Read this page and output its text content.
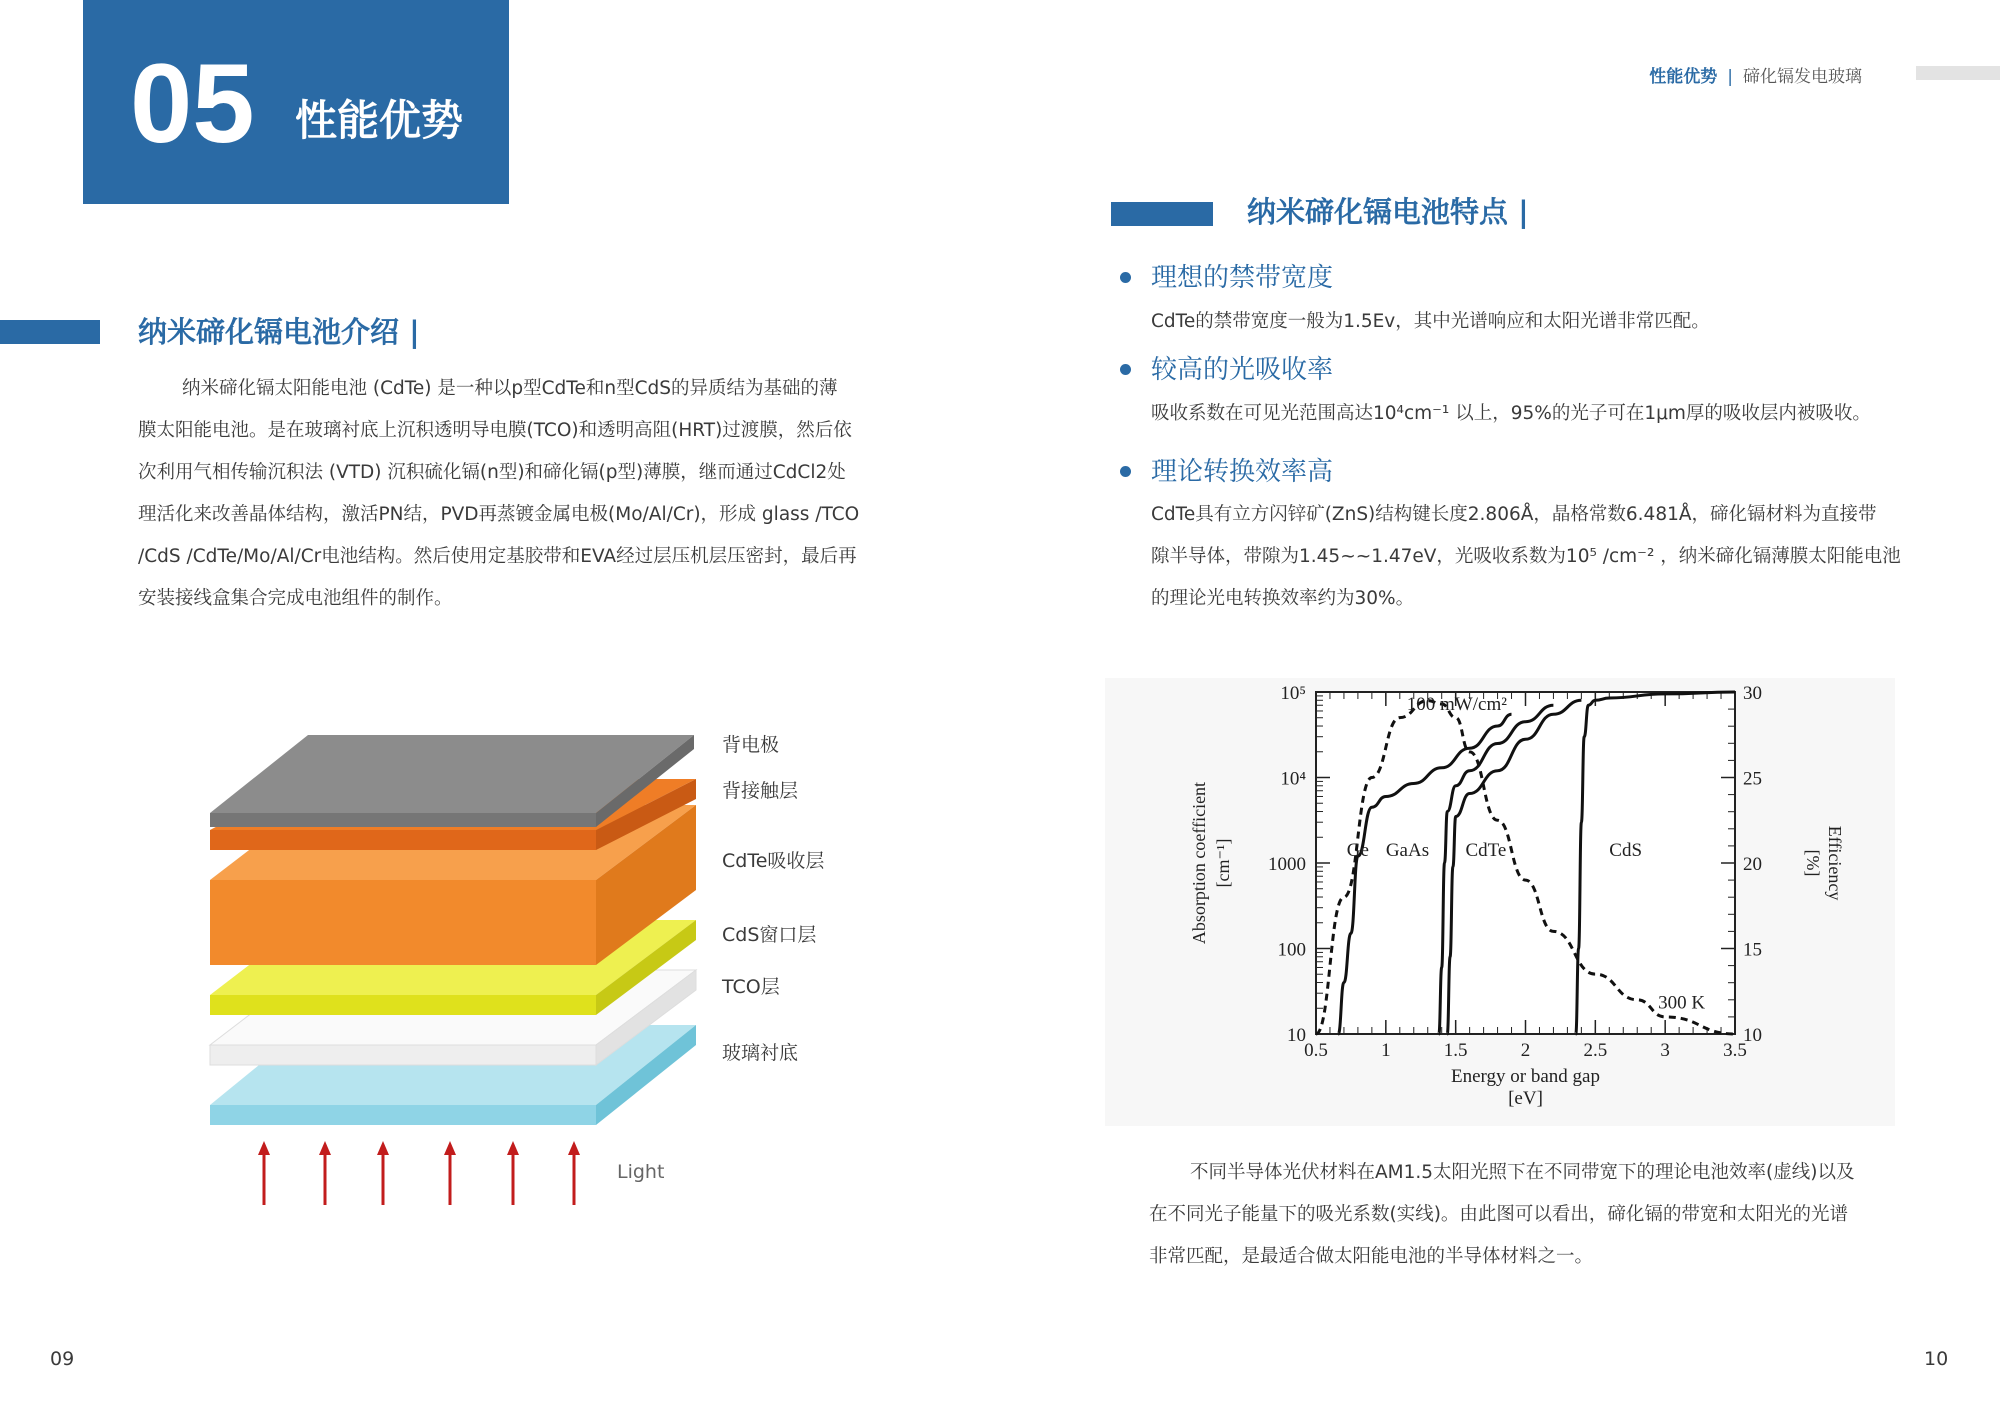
05 性能优势
性能优势 | 碲化镉发电玻璃
纳米碲化镉电池介绍 |
纳米碲化镉太阳能电池 (CdTe) 是一种以p型CdTe和n型CdS的异质结为基础的薄
膜太阳能电池。是在玻璃衬底上沉积透明导电膜(TCO)和透明高阻(HRT)过渡膜，然后依
次利用气相传输沉积法 (VTD) 沉积硫化镉(n型)和碲化镉(p型)薄膜，继而通过CdCl2处
理活化来改善晶体结构，激活PN结，PVD再蒸镀金属电极(Mo/Al/Cr)，形成 glass /TCO
/CdS /CdTe/Mo/Al/Cr电池结构。然后使用定基胶带和EVA经过层压机层压密封，最后再
安装接线盒集合完成电池组件的制作。
背电极
背接触层
CdTe吸收层
CdS窗口层
TCO层
玻璃衬底
Light
纳米碲化镉电池特点 |
理想的禁带宽度
CdTe的禁带宽度一般为1.5Ev，其中光谱响应和太阳光谱非常匹配。
较高的光吸收率
吸收系数在可见光范围高达10⁴cm⁻¹ 以上，95%的光子可在1μm厚的吸收层内被吸收。
理论转换效率高
CdTe具有立方闪锌矿(ZnS)结构键长度2.806Å，晶格常数6.481Å，碲化镉材料为直接带
隙半导体，带隙为1.45~~1.47eV，光吸收系数为10⁵ /cm⁻² ，纳米碲化镉薄膜太阳能电池
的理论光电转换效率约为30%。
10
100
1000
10⁴
10⁵
10
15
20
25
30
0.5	1	1.5	2	2.5	3	3.5
Ge GaAs CdTe	CdS
Energy or band gap
[eV]
Absorption coefficient [cm⁻¹]	Efficiency
[%]
100 mW/cm²
300 K
不同半导体光伏材料在AM1.5太阳光照下在不同带宽下的理论电池效率(虚线)以及
在不同光子能量下的吸光系数(实线)。由此图可以看出，碲化镉的带宽和太阳光的光谱
非常匹配，是最适合做太阳能电池的半导体材料之一。
09	10
